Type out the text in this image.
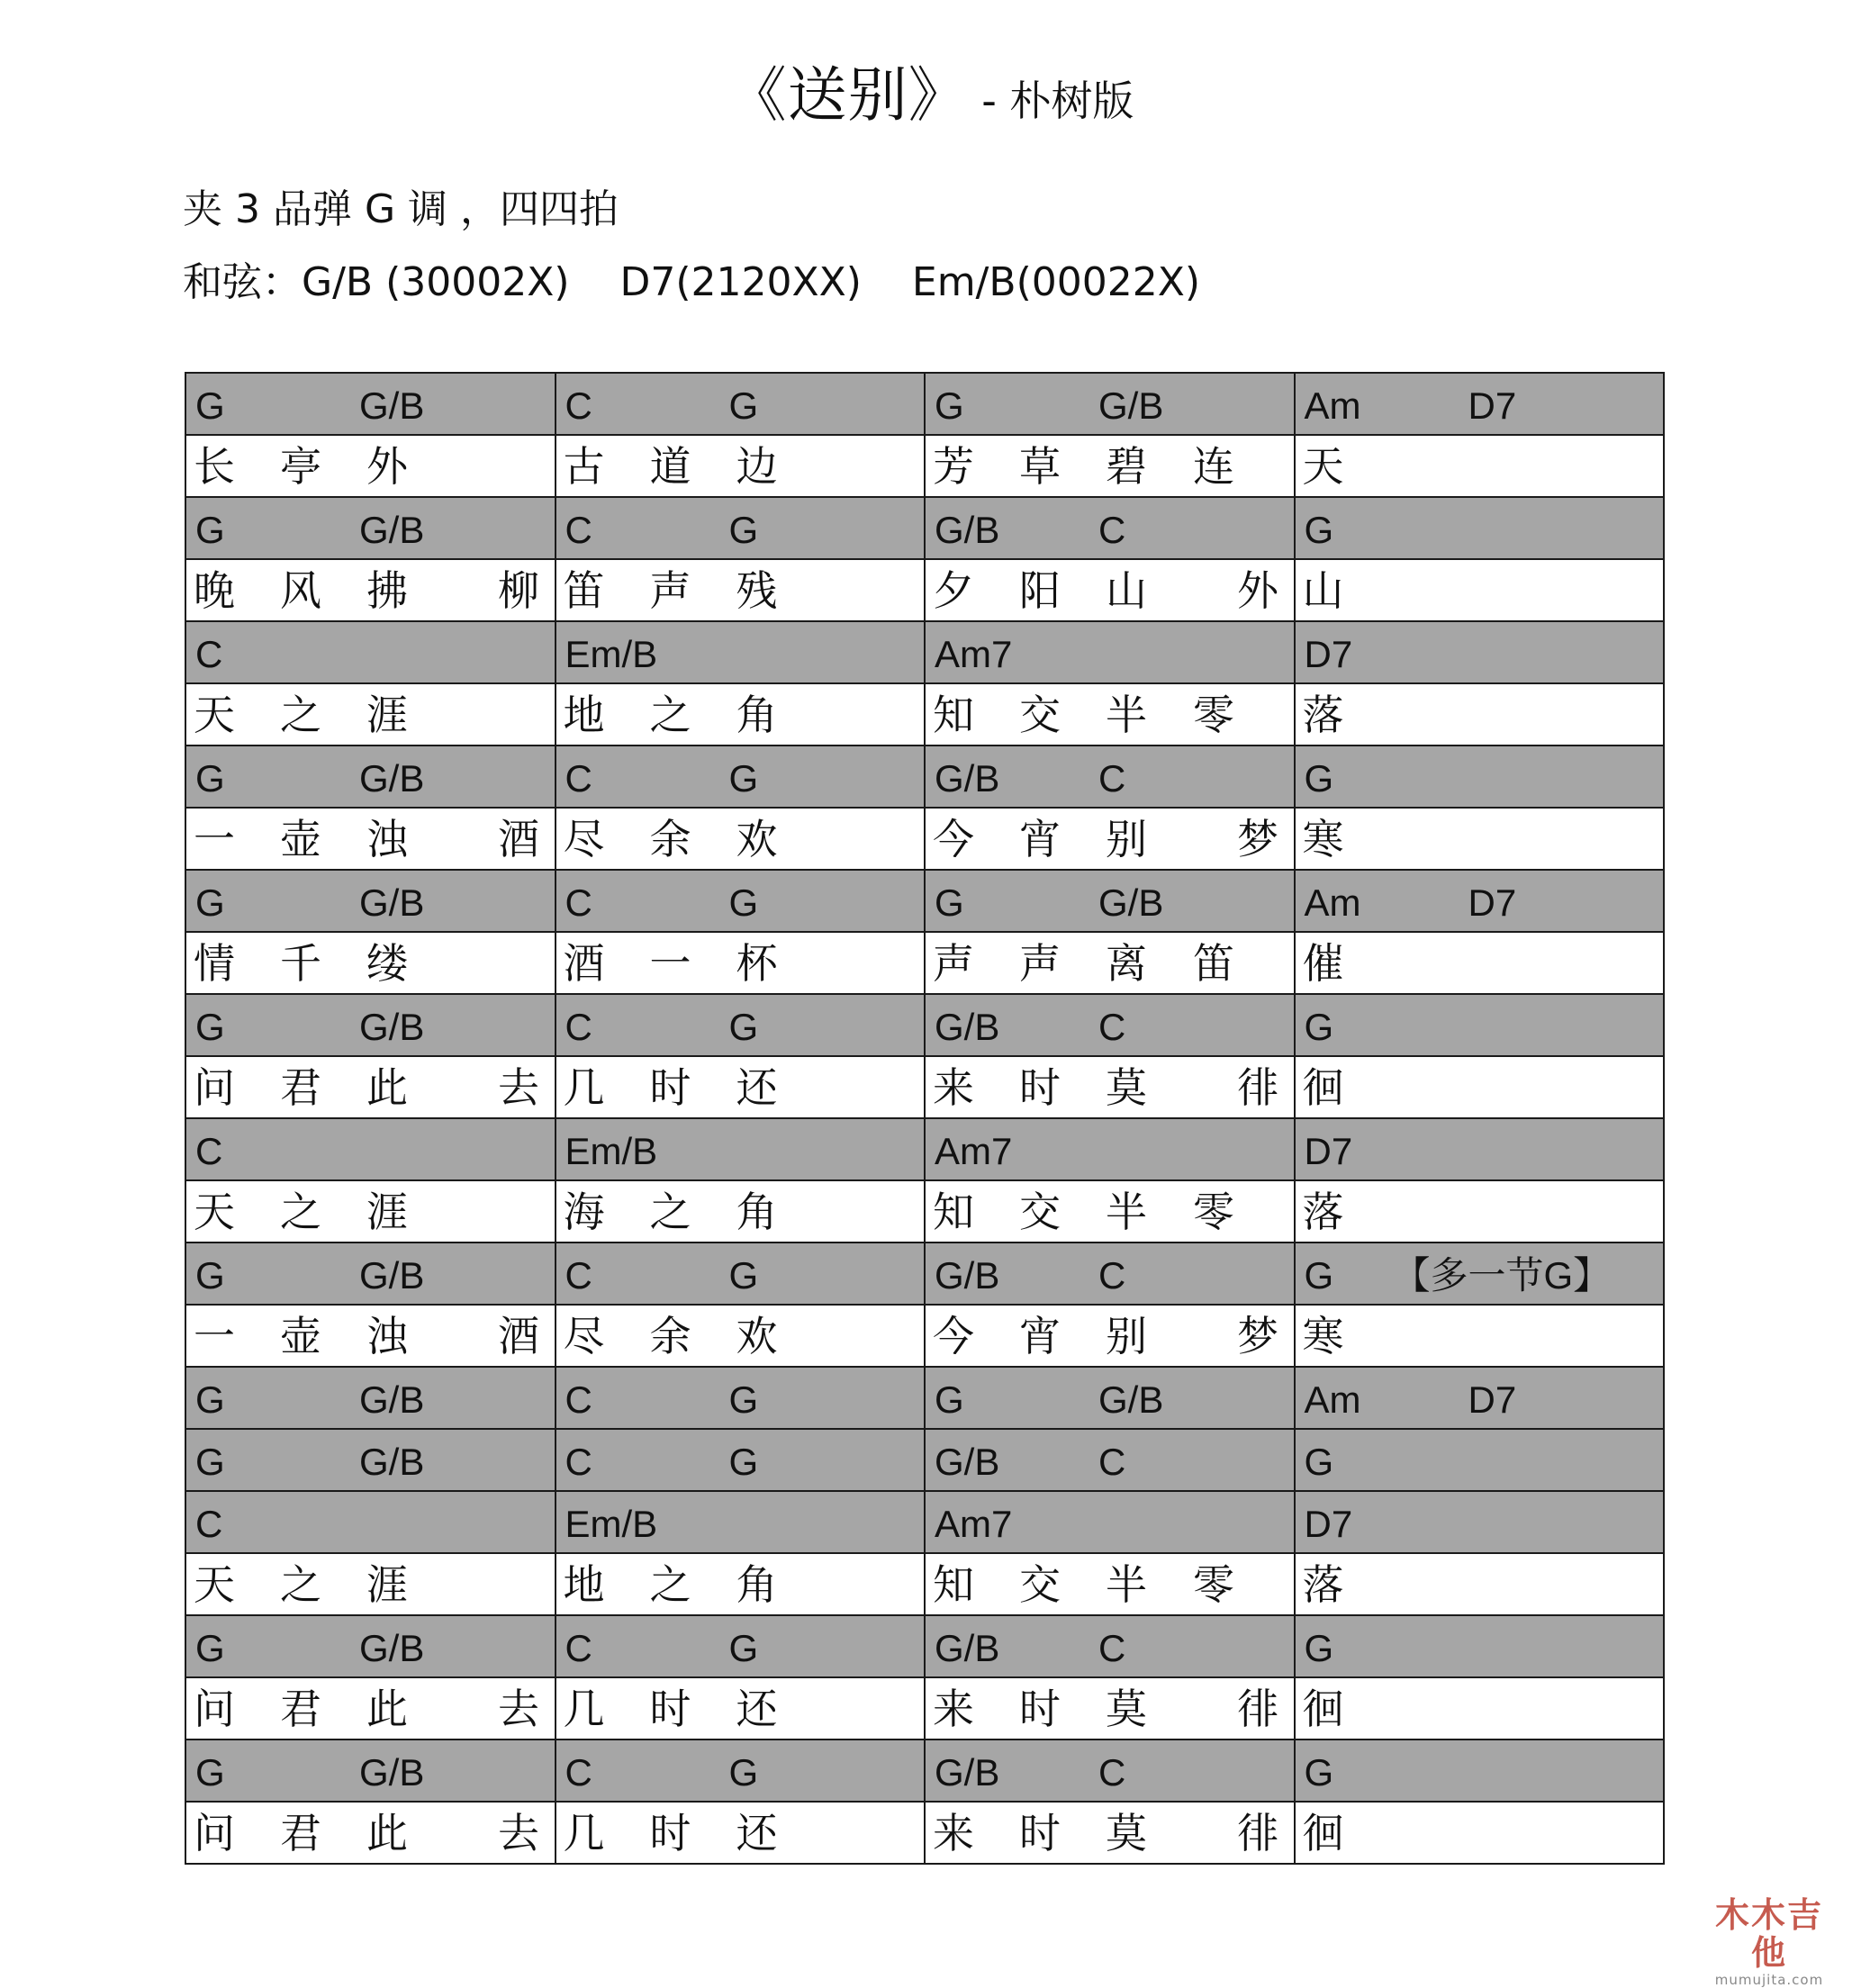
《送别》 - 朴树版
夹 3 品弹 G 调 ，四四拍
和弦：G/B (30002X)    D7(2120XX)    Em/B(00022X)
G G/B	C G	G G/B	Am D7

长 亭 外	古 道 边	芳 草 碧 连	天

G G/B	C G	G/B C	G

晚 风 拂 柳	笛 声 残	夕 阳 山 外	山

C	Em/B	Am7	D7

天 之 涯	地 之 角	知 交 半 零	落

G G/B	C G	G/B C	G

一 壶 浊 酒	尽 余 欢	今 宵 别 梦	寒

G G/B	C G	G G/B	Am D7

情 千 缕	酒 一 杯	声 声 离 笛	催

G G/B	C G	G/B C	G

问 君 此 去	几 时 还	来 时 莫 徘	徊

C	Em/B	Am7	D7

天 之 涯	海 之 角	知 交 半 零	落

G G/B	C G	G/B C	G 【多一节G】

一 壶 浊 酒	尽 余 欢	今 宵 别 梦	寒

G G/B	C G	G G/B	Am D7

G G/B	C G	G/B C	G

C	Em/B	Am7	D7

天 之 涯	地 之 角	知 交 半 零	落

G G/B	C G	G/B C	G

问 君 此 去	几 时 还	来 时 莫 徘	徊

G G/B	C G	G/B C	G

问 君 此 去	几 时 还	来 时 莫 徘	徊
木木吉他
mumujita.com
